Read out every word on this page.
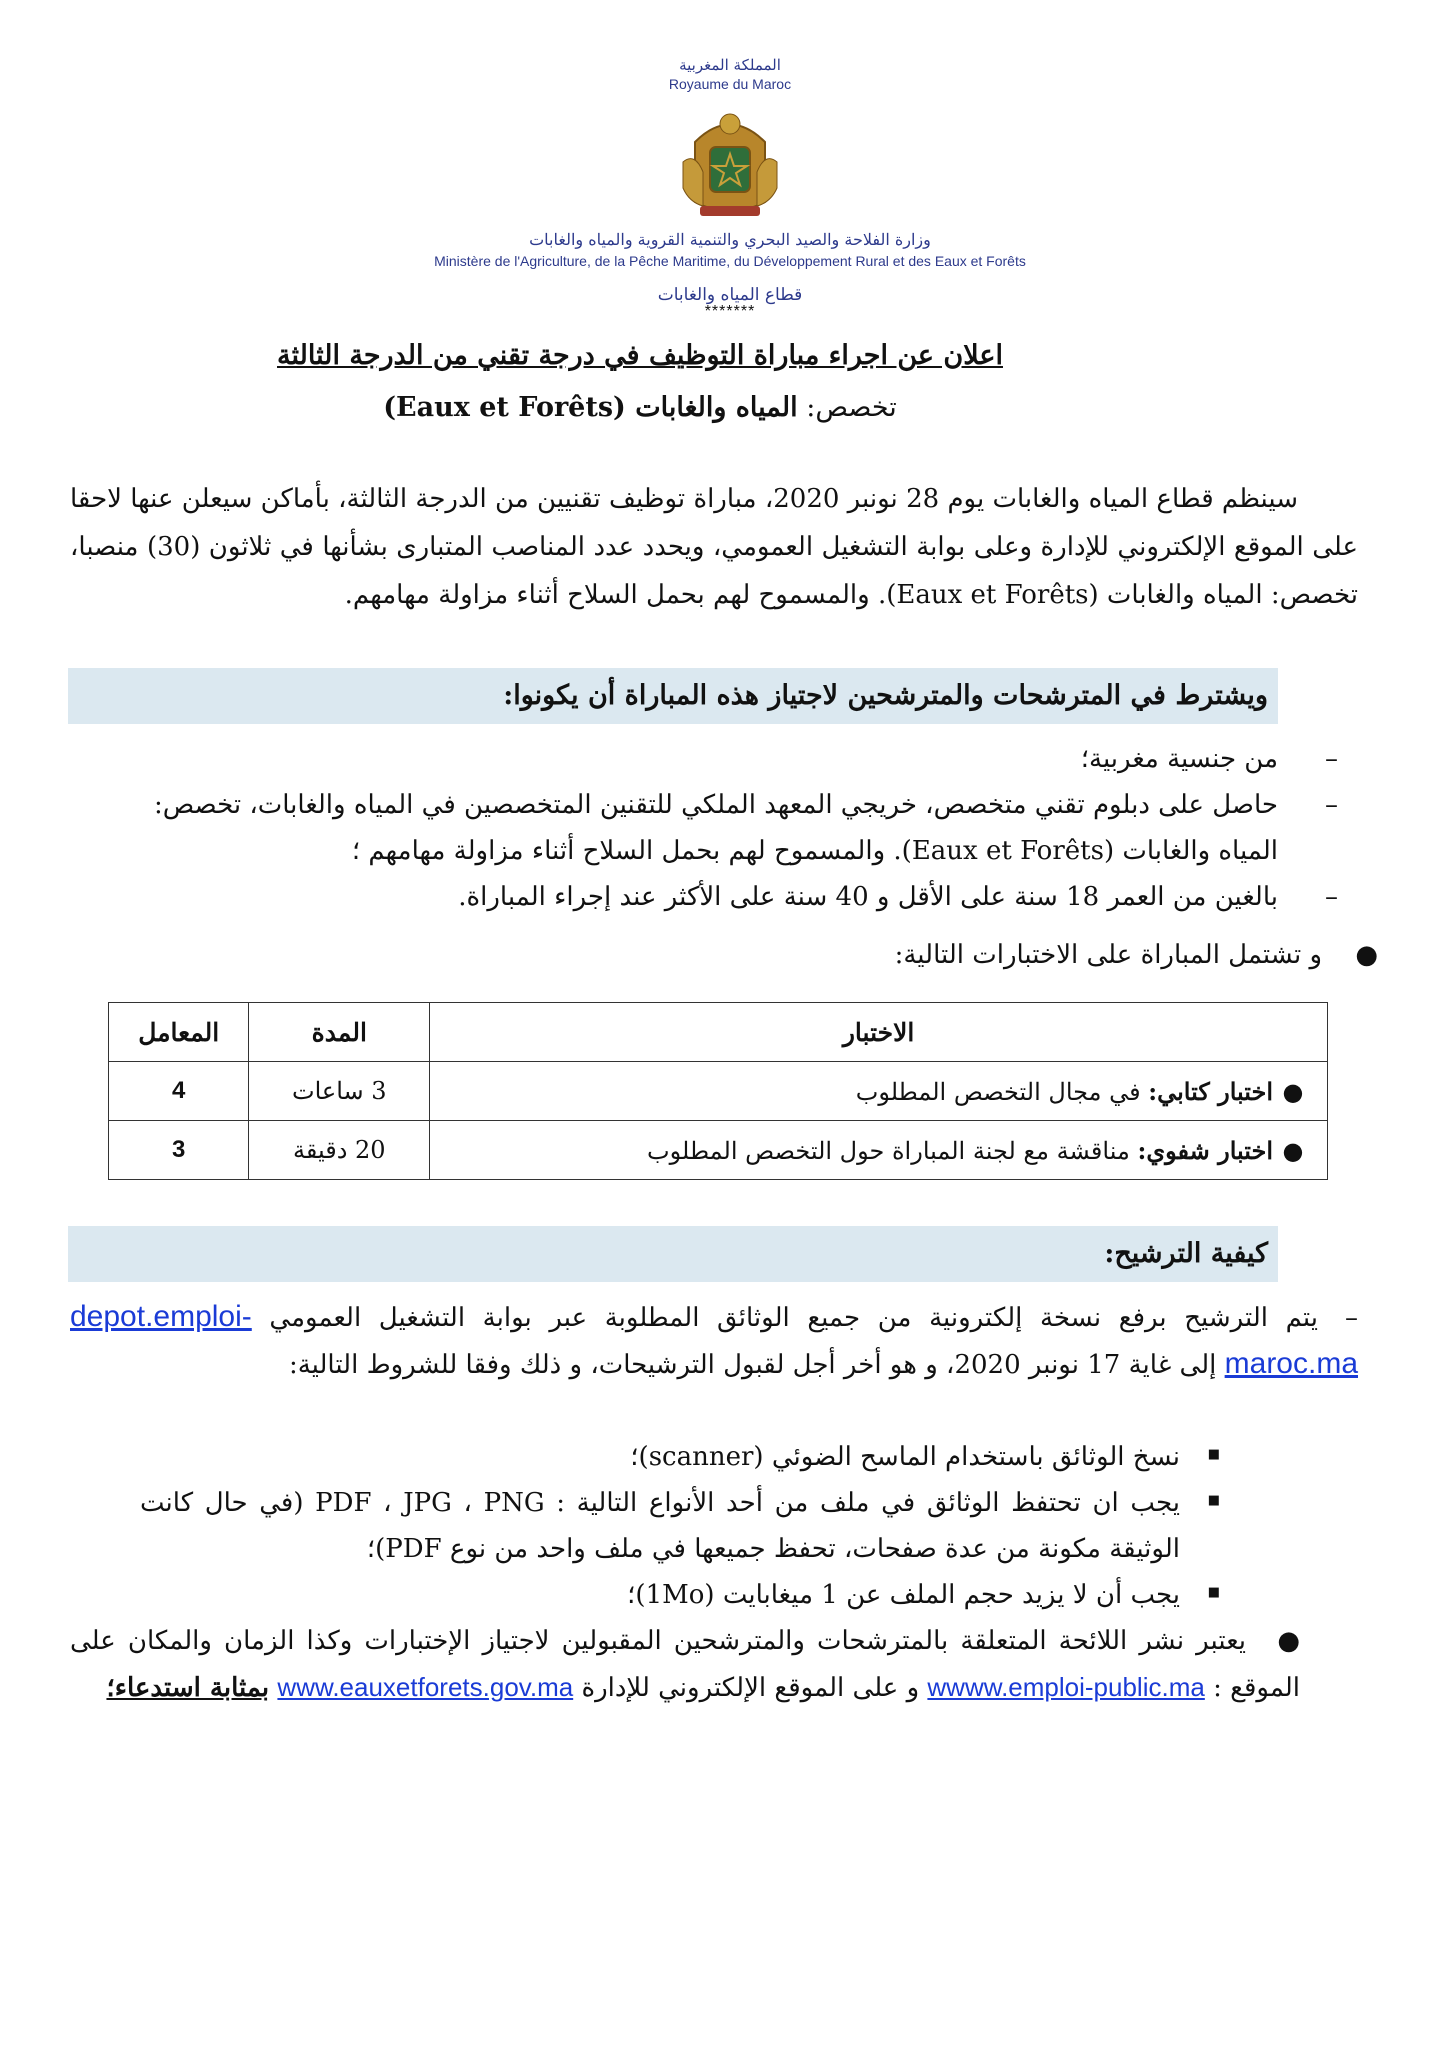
المملكة المغربية
Royaume du Maroc
وزارة الفلاحة والصيد البحري والتنمية القروية والمياه والغابات
Ministère de l'Agriculture, de la Pêche Maritime, du Développement Rural et des Eaux et Forêts
قطاع المياه والغابات
*******
اعلان عن اجراء مباراة التوظيف في درجة تقني من الدرجة الثالثة
تخصص: المياه والغابات (Eaux et Forêts)

سينظم قطاع المياه والغابات يوم 28 نونبر 2020، مباراة توظيف تقنيين من الدرجة الثالثة، بأماكن سيعلن عنها لاحقا على الموقع الإلكتروني للإدارة وعلى بوابة التشغيل العمومي، ويحدد عدد المناصب المتبارى بشأنها في ثلاثون (30) منصبا، تخصص: المياه والغابات (Eaux et Forêts). والمسموح لهم بحمل السلاح أثناء مزاولة مهامهم.

ويشترط في المترشحات والمترشحين لاجتياز هذه المباراة أن يكونوا:
– من جنسية مغربية؛
– حاصل على دبلوم تقني متخصص، خريجي المعهد الملكي للتقنين المتخصصين في المياه والغابات، تخصص: المياه والغابات (Eaux et Forêts). والمسموح لهم بحمل السلاح أثناء مزاولة مهامهم ؛
– بالغين من العمر 18 سنة على الأقل و 40 سنة على الأكثر عند إجراء المباراة.
●و تشتمل المباراة على الاختبارات التالية:
الاختبار	المدة	المعامل
●اختبار كتابي: في مجال التخصص المطلوب	3 ساعات	4
●اختبار شفوي: مناقشة مع لجنة المباراة حول التخصص المطلوب	20 دقيقة	3
كيفية الترشيح:
–يتم الترشيح برفع نسخة إلكترونية من جميع الوثائق المطلوبة عبر بوابة التشغيل العمومي depot.emploi-maroc.ma إلى غاية 17 نونبر 2020، و هو أخر أجل لقبول الترشيحات، و ذلك وفقا للشروط التالية:
■ نسخ الوثائق باستخدام الماسح الضوئي (scanner)؛
■ يجب ان تحتفظ الوثائق في ملف من أحد الأنواع التالية : PDF ، JPG ، PNG (في حال كانت الوثيقة مكونة من عدة صفحات، تحفظ جميعها في ملف واحد من نوع PDF)؛
■ يجب أن لا يزيد حجم الملف عن 1 ميغابايت (1Mo)؛
●يعتبر نشر اللائحة المتعلقة بالمترشحات والمترشحين المقبولين لاجتياز الإختبارات وكذا الزمان والمكان على الموقع : wwww.emploi-public.ma و على الموقع الإلكتروني للإدارة www.eauxetforets.gov.ma بمثابة استدعاء؛
